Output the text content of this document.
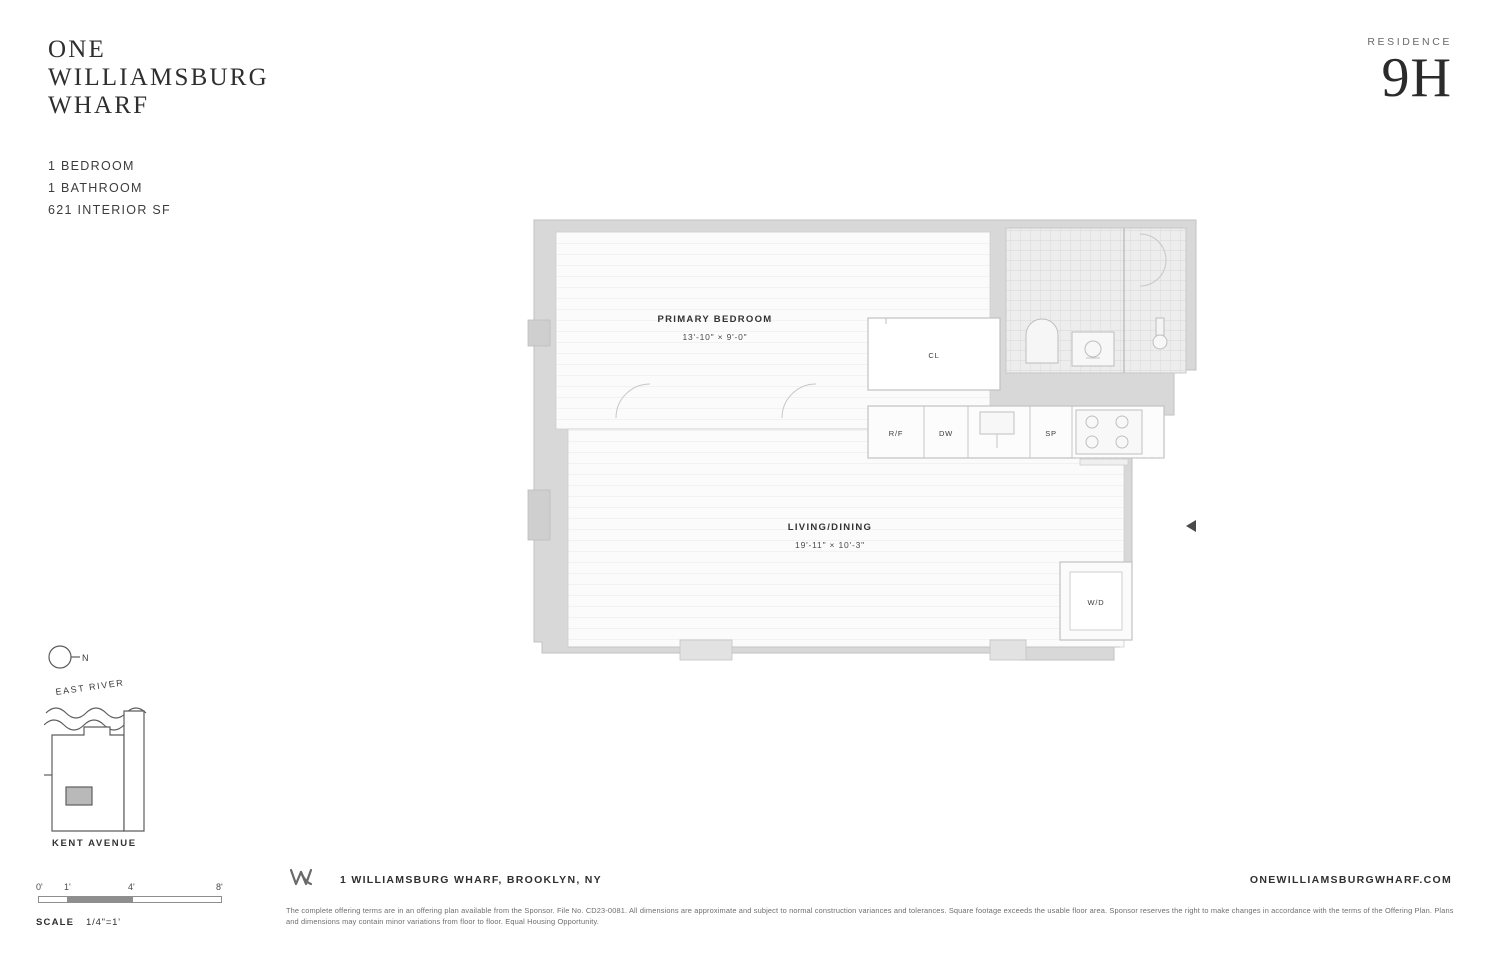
ONE
WILLIAMSBURG
WHARF
1 BEDROOM
1 BATHROOM
621 INTERIOR SF
RESIDENCE
9H
PRIMARY BEDROOM
13'-10" × 9'-0"
LIVING/DINING
19'-11" × 10'-3"
CL
R/F	DW	SP
W/D
N
EAST RIVER
KENT AVENUE
0' 1'	4'	8'
SCALE 1/4"=1'
1 WILLIAMSBURG WHARF, BROOKLYN, NY	ONEWILLIAMSBURGWHARF.COM
The complete offering terms are in an offering plan available from the Sponsor. File No. CD23-0081. All dimensions are approximate and subject to normal construction variances and tolerances. Square footage exceeds the usable floor area. Sponsor reserves the right to make changes in accordance with the terms of the Offering Plan. Plans and dimensions may contain minor variations from floor to floor. Equal Housing Opportunity.
